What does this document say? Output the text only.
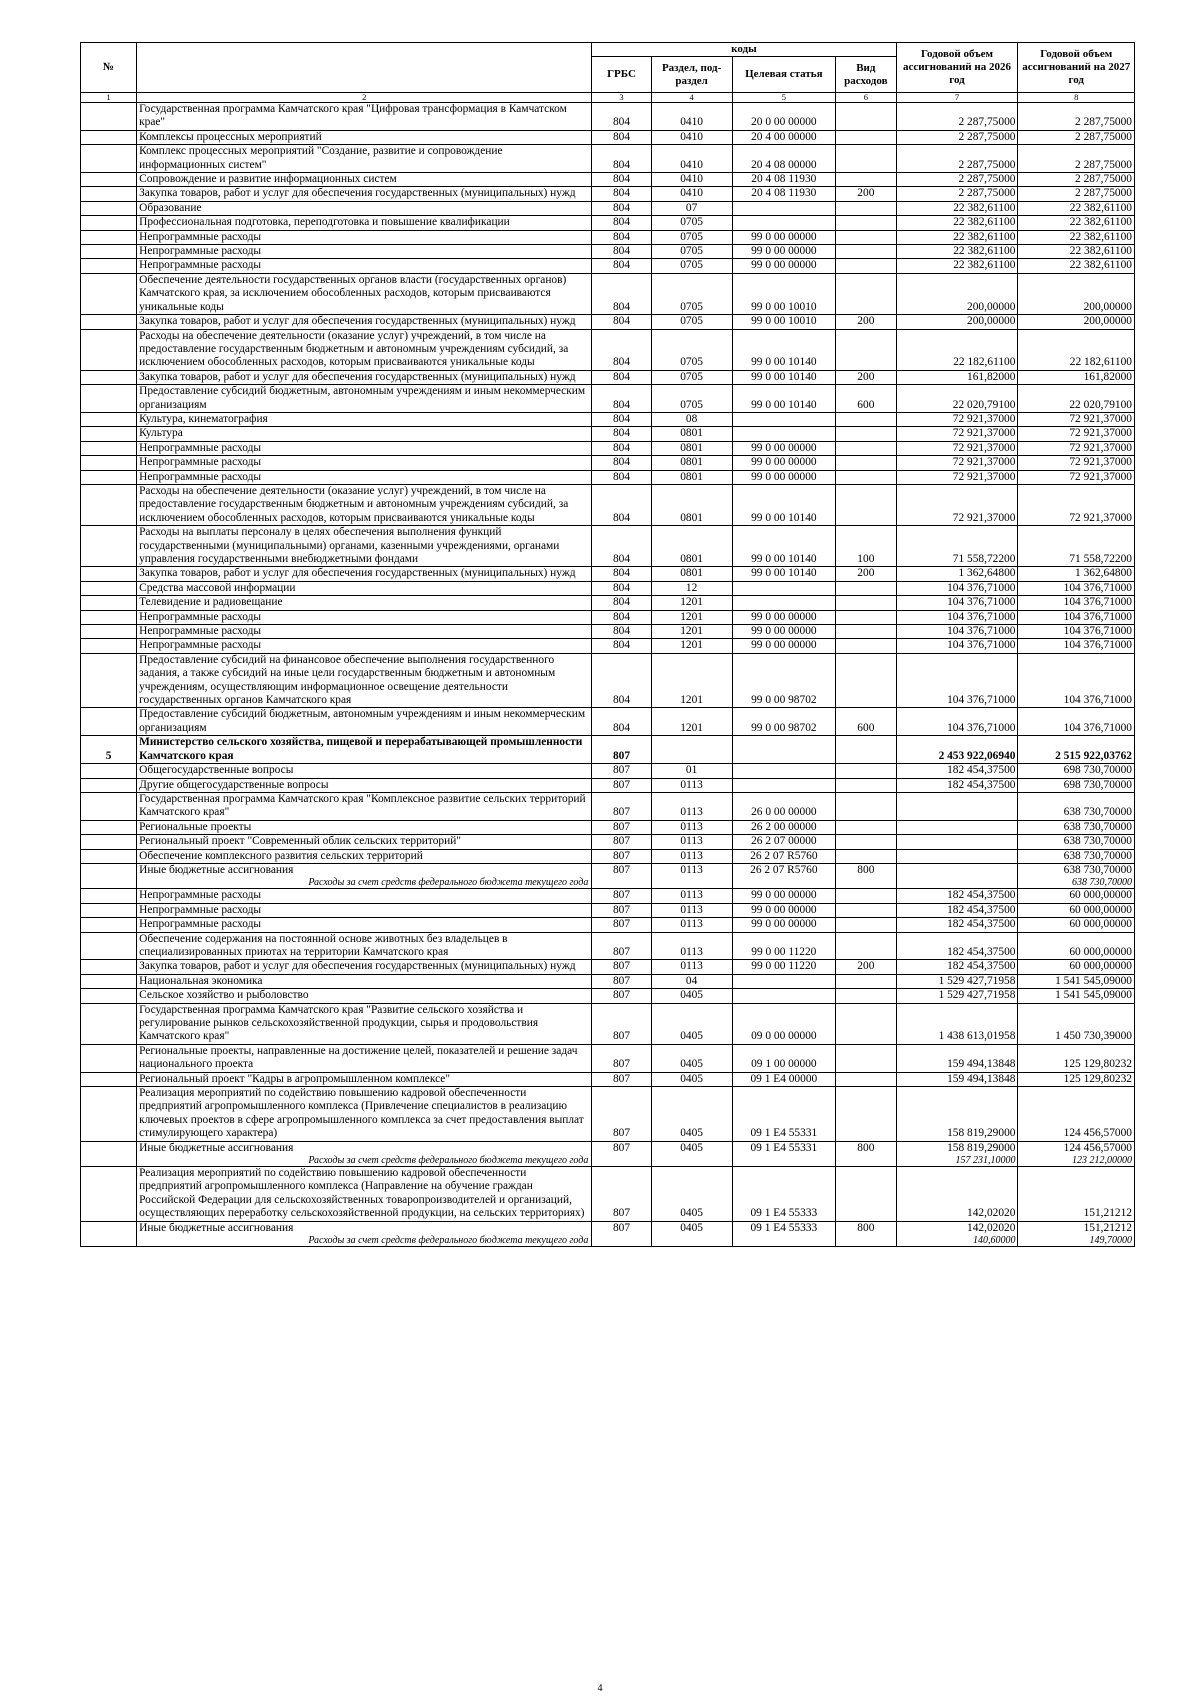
№		коды				Годовой объем ассигнований на 2026 год	Годовой объем ассигнований на 2027 год
		ГРБС	Раздел, под-раздел	Целевая статья	Вид расходов		
1	2	3	4	5	6	7	8
	Государственная программа Камчатского края "Цифровая трансформация в Камчатском крае"	804	0410	20 0 00 00000		2 287,75000	2 287,75000
	Комплексы процессных мероприятий	804	0410	20 4 00 00000		2 287,75000	2 287,75000
	Комплекс процессных мероприятий "Создание, развитие и сопровождение информационных систем"	804	0410	20 4 08 00000		2 287,75000	2 287,75000
	Сопровождение и развитие информационных систем	804	0410	20 4 08 11930		2 287,75000	2 287,75000
	Закупка товаров, работ и услуг для обеспечения государственных (муниципальных) нужд	804	0410	20 4 08 11930	200	2 287,75000	2 287,75000
	Образование	804	07			22 382,61100	22 382,61100
	Профессиональная подготовка, переподготовка и повышение квалификации	804	0705			22 382,61100	22 382,61100
	Непрограммные расходы	804	0705	99 0 00 00000		22 382,61100	22 382,61100
	Непрограммные расходы	804	0705	99 0 00 00000		22 382,61100	22 382,61100
	Непрограммные расходы	804	0705	99 0 00 00000		22 382,61100	22 382,61100
	Обеспечение деятельности государственных органов власти (государственных органов) Камчатского края, за исключением обособленных расходов, которым присваиваются уникальные коды	804	0705	99 0 00 10010		200,00000	200,00000
	Закупка товаров, работ и услуг для обеспечения государственных (муниципальных) нужд	804	0705	99 0 00 10010	200	200,00000	200,00000
	Расходы на обеспечение деятельности (оказание услуг) учреждений, в том числе на предоставление государственным бюджетным и автономным учреждениям субсидий, за исключением обособленных расходов, которым присваиваются уникальные коды	804	0705	99 0 00 10140		22 182,61100	22 182,61100
	Закупка товаров, работ и услуг для обеспечения государственных (муниципальных) нужд	804	0705	99 0 00 10140	200	161,82000	161,82000
	Предоставление субсидий бюджетным, автономным учреждениям и иным некоммерческим организациям	804	0705	99 0 00 10140	600	22 020,79100	22 020,79100
	Культура, кинематография	804	08			72 921,37000	72 921,37000
	Культура	804	0801			72 921,37000	72 921,37000
	Непрограммные расходы	804	0801	99 0 00 00000		72 921,37000	72 921,37000
	Непрограммные расходы	804	0801	99 0 00 00000		72 921,37000	72 921,37000
	Непрограммные расходы	804	0801	99 0 00 00000		72 921,37000	72 921,37000
	Расходы на обеспечение деятельности (оказание услуг) учреждений, в том числе на предоставление государственным бюджетным и автономным учреждениям субсидий, за исключением обособленных расходов, которым присваиваются уникальные коды	804	0801	99 0 00 10140		72 921,37000	72 921,37000
	Расходы на выплаты персоналу в целях обеспечения выполнения функций государственными (муниципальными) органами, казенными учреждениями, органами управления государственными внебюджетными фондами	804	0801	99 0 00 10140	100	71 558,72200	71 558,72200
	Закупка товаров, работ и услуг для обеспечения государственных (муниципальных) нужд	804	0801	99 0 00 10140	200	1 362,64800	1 362,64800
	Средства массовой информации	804	12			104 376,71000	104 376,71000
	Телевидение и радиовещание	804	1201			104 376,71000	104 376,71000
	Непрограммные расходы	804	1201	99 0 00 00000		104 376,71000	104 376,71000
	Непрограммные расходы	804	1201	99 0 00 00000		104 376,71000	104 376,71000
	Непрограммные расходы	804	1201	99 0 00 00000		104 376,71000	104 376,71000
	Предоставление субсидий на финансовое обеспечение выполнения государственного задания, а также субсидий на иные цели государственным бюджетным и автономным учреждениям, осуществляющим информационное освещение деятельности государственных органов Камчатского края	804	1201	99 0 00 98702		104 376,71000	104 376,71000
	Предоставление субсидий бюджетным, автономным учреждениям и иным некоммерческим организациям	804	1201	99 0 00 98702	600	104 376,71000	104 376,71000
5	Министерство сельского хозяйства, пищевой и перерабатывающей промышленности Камчатского края	807				2 453 922,06940	2 515 922,03762
	Общегосударственные вопросы	807	01			182 454,37500	698 730,70000
	Другие общегосударственные вопросы	807	0113			182 454,37500	698 730,70000
	Государственная программа Камчатского края "Комплексное развитие сельских территорий Камчатского края"	807	0113	26 0 00 00000			638 730,70000
	Региональные проекты	807	0113	26 2 00 00000			638 730,70000
	Региональный проект "Современный облик сельских территорий"	807	0113	26 2 07 00000			638 730,70000
	Обеспечение комплексного развития сельских территорий	807	0113	26 2 07 R5760			638 730,70000
	Иные бюджетные ассигнования	807	0113	26 2 07 R5760	800		638 730,70000
	Расходы за счет средств федерального бюджета текущего года						638 730,70000
	Непрограммные расходы	807	0113	99 0 00 00000		182 454,37500	60 000,00000
	Непрограммные расходы	807	0113	99 0 00 00000		182 454,37500	60 000,00000
	Непрограммные расходы	807	0113	99 0 00 00000		182 454,37500	60 000,00000
	Обеспечение содержания на постоянной основе животных без владельцев в специализированных приютах на территории Камчатского края	807	0113	99 0 00 11220		182 454,37500	60 000,00000
	Закупка товаров, работ и услуг для обеспечения государственных (муниципальных) нужд	807	0113	99 0 00 11220	200	182 454,37500	60 000,00000
	Национальная экономика	807	04			1 529 427,71958	1 541 545,09000
	Сельское хозяйство и рыболовство	807	0405			1 529 427,71958	1 541 545,09000
	Государственная программа Камчатского края "Развитие сельского хозяйства и регулирование рынков сельскохозяйственной продукции, сырья и продовольствия Камчатского края"	807	0405	09 0 00 00000		1 438 613,01958	1 450 730,39000
	Региональные проекты, направленные на достижение целей, показателей и решение задач национального проекта	807	0405	09 1 00 00000		159 494,13848	125 129,80232
	Региональный проект "Кадры в агропромышленном комплексе"	807	0405	09 1 E4 00000		159 494,13848	125 129,80232
	Реализация мероприятий по содействию повышению кадровой обеспеченности предприятий агропромышленного комплекса (Привлечение специалистов в реализацию ключевых проектов в сфере агропромышленного комплекса за счет предоставления выплат стимулирующего характера)	807	0405	09 1 E4 55331		158 819,29000	124 456,57000
	Иные бюджетные ассигнования	807	0405	09 1 E4 55331	800	158 819,29000	124 456,57000
	Расходы за счет средств федерального бюджета текущего года					157 231,10000	123 212,00000
	Реализация мероприятий по содействию повышению кадровой обеспеченности предприятий агропромышленного комплекса (Направление на обучение граждан Российской Федерации для сельскохозяйственных товаропроизводителей и организаций, осуществляющих переработку сельскохозяйственной продукции, на сельских территориях)	807	0405	09 1 E4 55333		142,02020	151,21212
	Иные бюджетные ассигнования	807	0405	09 1 E4 55333	800	142,02020	151,21212
	Расходы за счет средств федерального бюджета текущего года					140,60000	149,70000
4
